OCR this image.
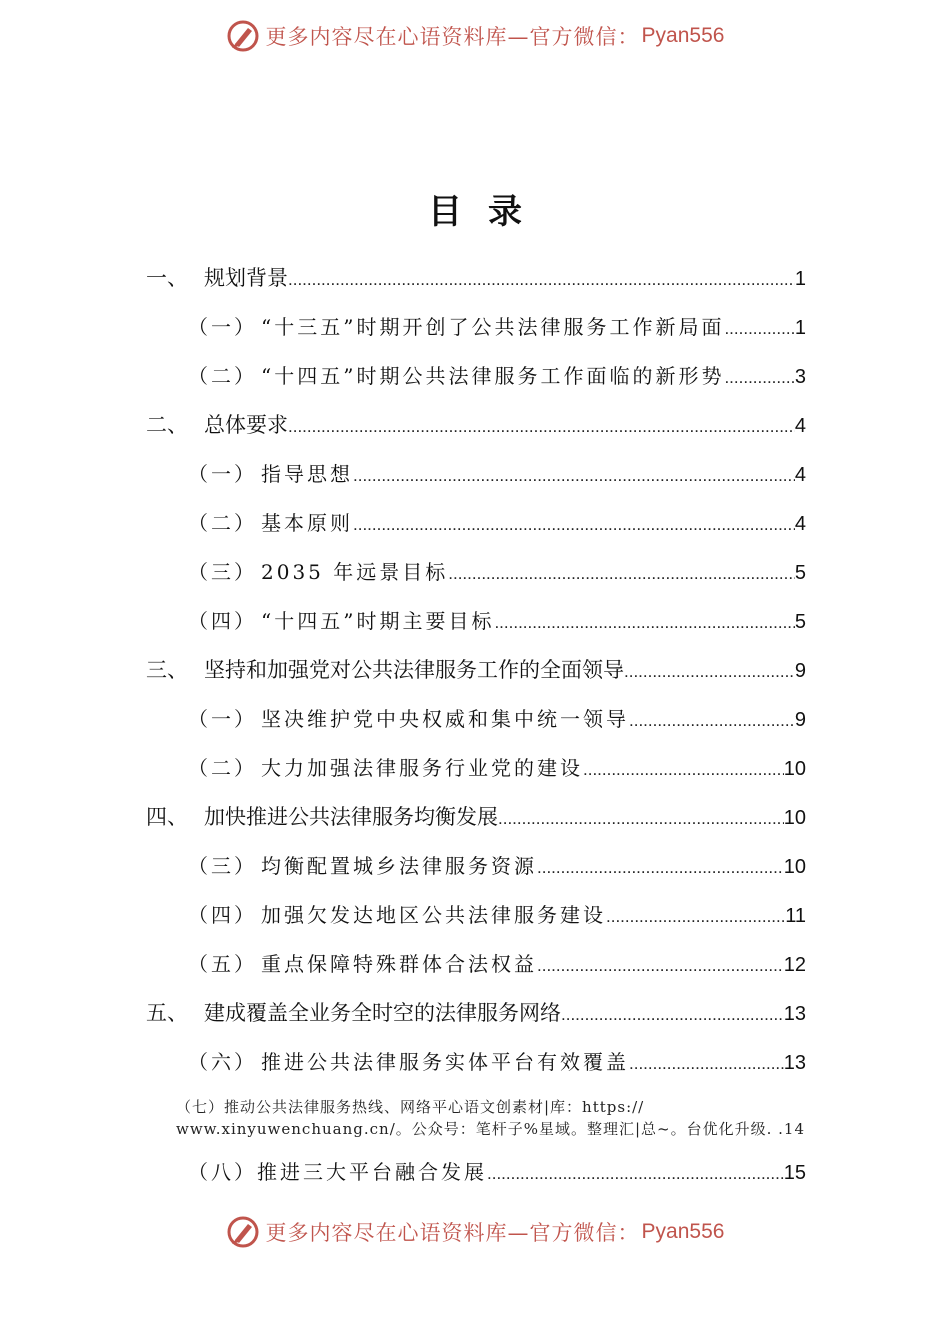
更多内容尽在心语资料库—官方微信： Pyan556
目录
一、 规划背景 .....	1
（一） “十三五”时期开创了公共法律服务工作新局面 .....	1
（二） “十四五”时期公共法律服务工作面临的新形势 .....	3
二、 总体要求 .....	4
（一） 指导思想 .....	4
（二） 基本原则 .....	4
（三） 2035 年远景目标 .....	5
（四） “十四五”时期主要目标 .....	5
三、 坚持和加强党对公共法律服务工作的全面领导 .....	9
（一） 坚决维护党中央权威和集中统一领导 .....	9
（二） 大力加强法律服务行业党的建设 .....	10
四、 加快推进公共法律服务均衡发展 .....	10
（三） 均衡配置城乡法律服务资源 .....	10
（四） 加强欠发达地区公共法律服务建设 .....	11
（五） 重点保障特殊群体合法权益 .....	12
五、 建成覆盖全业务全时空的法律服务网络 .....	13
（六） 推进公共法律服务实体平台有效覆盖 .....	13
（七）推动公共法律服务热线、网络平心语文创素材|库：https://
www.xinyuwenchuang.cn/。公众号：笔杆子%星域。整理汇|总~。台优化升级. .14
（八） 推进三大平台融合发展 .....	15
更多内容尽在心语资料库—官方微信： Pyan556
